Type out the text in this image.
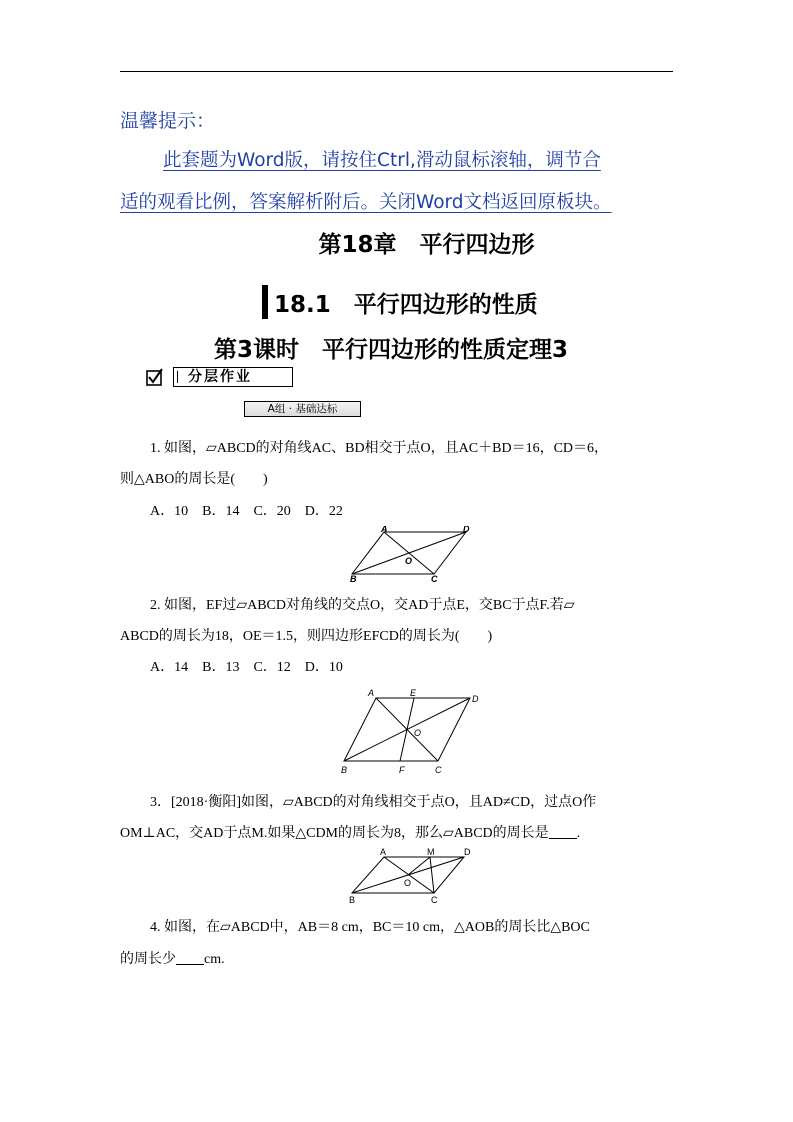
温馨提示：
此套题为Word版，请按住Ctrl,滑动鼠标滚轴，调节合
适的观看比例，答案解析附后。关闭Word文档返回原板块。
第18章　平行四边形
18.1　平行四边形的性质
第3课时　平行四边形的性质定理3
分层作业
A组 · 基础达标
1. 如图，▱ABCD的对角线AC、BD相交于点O，且AC＋BD＝16，CD＝6，
则△ABO的周长是(　　)
A．10　B．14　C．20　D．22
A	D
O
B	C
2. 如图，EF过▱ABCD对角线的交点O，交AD于点E，交BC于点F.若▱
ABCD的周长为18，OE＝1.5，则四边形EFCD的周长为(　　)
A．14　B．13　C．12　D．10
A	E
D
O
B	F	C
3．[2018·衡阳]如图，▱ABCD的对角线相交于点O，且AD≠CD，过点O作
OM⊥AC，交AD于点M.如果△CDM的周长为8，那么▱ABCD的周长是 .
A	M	D
O
B	C
4. 如图，在▱ABCD中，AB＝8 cm，BC＝10 cm，△AOB的周长比△BOC
的周长少 cm.
